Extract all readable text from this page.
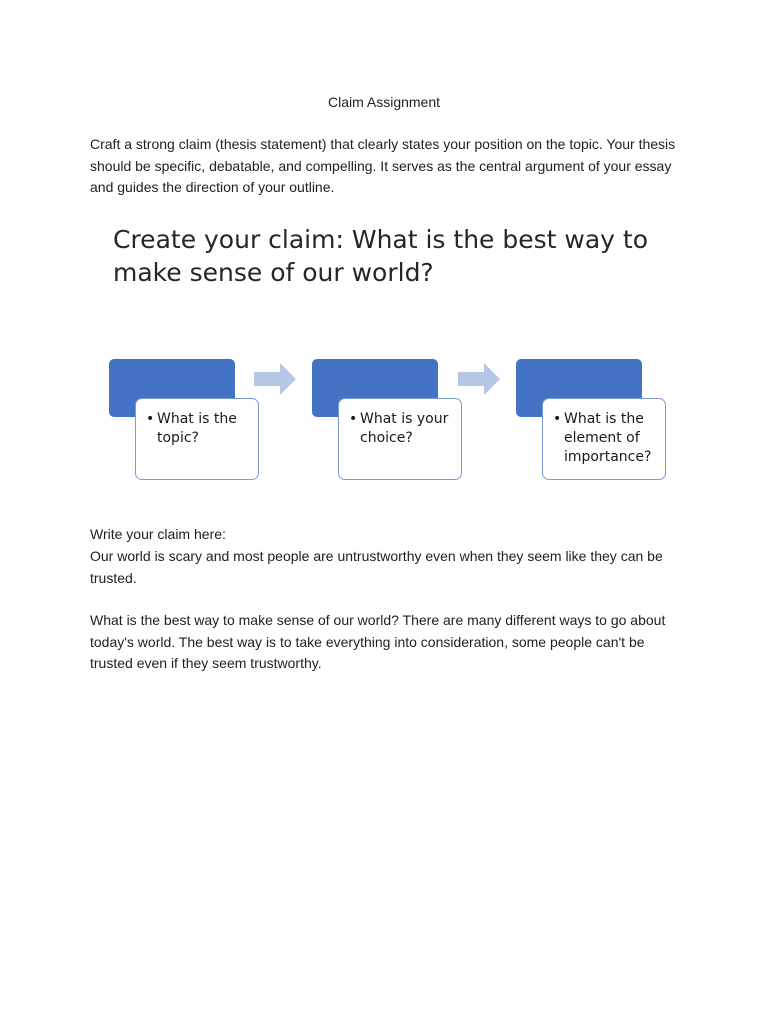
Claim Assignment

Craft a strong claim (thesis statement) that clearly states your position on the topic. Your thesis should be specific, debatable, and compelling. It serves as the central argument of your essay and guides the direction of your outline.

Create your claim: What is the best way to make sense of our world?

• What is the topic?

• What is your choice?

• What is the element of importance?

Write your claim here:

Our world is scary and most people are untrustworthy even when they seem like they can be trusted.

What is the best way to make sense of our world? There are many different ways to go about today's world. The best way is to take everything into consideration, some people can't be trusted even if they seem trustworthy.
